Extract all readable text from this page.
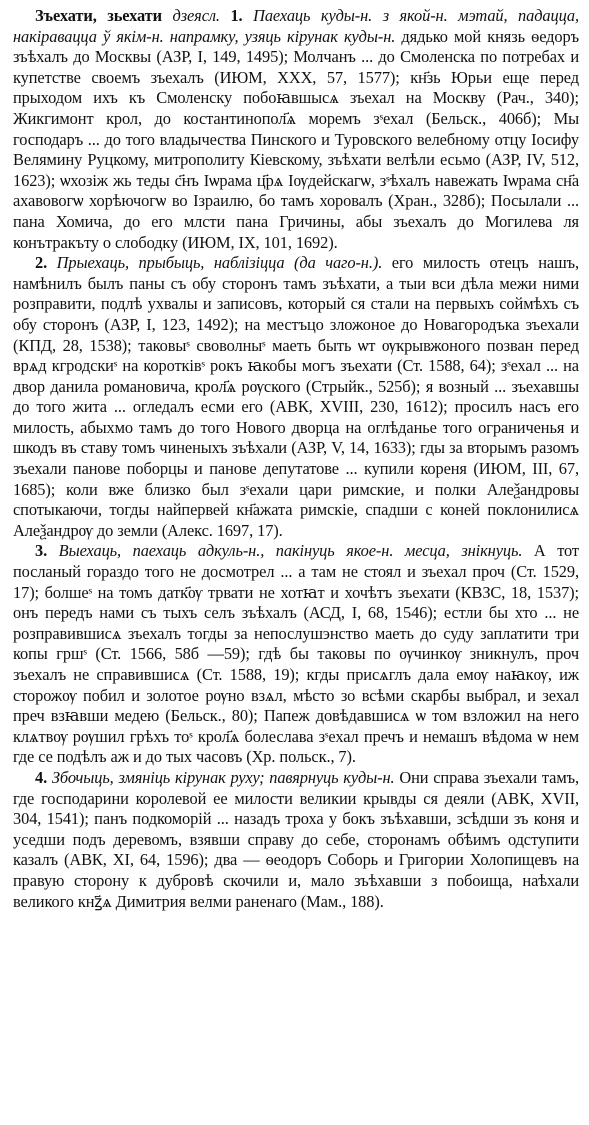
Зъехати, зьехати дзеясл. 1. Паехаць куды-н. з якой-н. мэтай, падацца, накіравацца ў якім-н. напрамку, узяць кірунак куды-н. дядько мой князь ѳедоръ зъѣхалъ до Москвы (АЗР, I, 149, 1495); Молчанъ ... до Смоленска по потребах и купетстве своемъ зъехалъ (ИЮМ, XXX, 57, 1577); кн҃зь Юрьи еще перед прыходом ихъ къ Смоленску побоꙗвшысѧ зъехал на Москву (Рач., 340); Жикгимонт крол, до костантинопол҃ѧ моремъ зˢехал (Бельск., 406б); Мы господаръ ... до того владычества Пинского и Туровского велебному отцу Іосифу Велямину Руцкому, митрополиту Кіевскому, зъѣхати велѣли есьмо (АЗР, IV, 512, 1623); ѡхозіж жь теды с҃нъ Іѡрама ц҃рѧ Іѹдейскагѡ, зˢѣхалъ навежать Іѡрама сн҃а ахавовогѡ хорѣючогѡ во Ізраилю, бо тамъ хоровалъ (Хран., 328б); Посылали ... пана Хомича, до его млсти пана Гричины, абы зъехалъ до Могилева ля конътракъту о слободку (ИЮМ, IX, 101, 1692).

2. Прыехаць, прыбыць, наблізіцца (да чаго-н.). его милость отецъ нашъ, намѣнилъ былъ паны съ обу сторонъ тамъ зъѣхати, а тыи вси дѣла межи ними розправити, подлѣ ухвалы и записовъ, который ся стали на первыхъ соймѣхъ съ обу сторонъ (АЗР, I, 123, 1492); на местъцо зложоное до Новагородъка зъехали (КПД, 28, 1538); таковыˢ своволныˢ маеть быть ѡт ѹкрывжоного позван перед врѧд кгродскиˢ на коротківˢ рокъ ꙗкобы могъ зъехати (Ст. 1588, 64); зˢехал ... на двор данила романовича, крол҃ѧ рѹского (Стрыйк., 525б); я возный ... зъехавшы до того жита ... огледалъ есми его (АВК, XVIII, 230, 1612); просилъ насъ его милость, абыхмо тамъ до того Нового дворца на оглѣданье того ограниченья и шкодъ въ ставу томъ чиненыхъ зъѣхали (АЗР, V, 14, 1633); гды за вторымъ разомъ зъехали панове поборцы и панове депутатове ... купили кореня (ИЮМ, III, 67, 1685); коли вже близко был зˢехали цари римские, и полки Алеѯандровы спотыкаючи, тогды найпервей кн҃ажата римскіе, спадши с коней поклонилисѧ Алеѯандрѹ до земли (Алекс. 1697, 17).

3. Выехаць, паехаць адкуль-н., пакінуць якое-н. месца, знікнуць. А тот посланый гораздо того не досмотрел ... а там не стоял и зъехал проч (Ст. 1529, 17); болшеˢ на томъ датк҃ѹ трвати не хотꙗт и хочѣтъ зъехати (КВЗС, 18, 1537); онъ передъ нами съ тыхъ селъ зъѣхалъ (АСД, I, 68, 1546); естли бы хто ... не розправившисѧ зъехалъ тогды за непослушэнство маеть до суду заплатити три копы гршˢ (Ст. 1566, 58б —59); гдѣ бы таковы по ѹчинкѹ зникнулъ, проч зъехалъ не справившисѧ (Ст. 1588, 19); кгды присѧглъ дала емѹ наꙗкѹ, иж сторожѹ побил и золотое рѹно взѧл, мѣсто зо всѣми скарбы выбрал, и зехал преч взꙗвши медею (Бельск., 80); Папеж довѣдавшисѧ ѡ том взложил на него клѧтвѹ рѹшил грѣхъ тоˢ крол҃ѧ болеслава зˢехал пречъ и немашъ вѣдома ѡ нем где се подѣлъ аж и до тых часовъ (Хр. польск., 7).

4. Збочыць, змяніць кірунак руху; павярнуць куды-н. Они справа зъехали тамъ, где господарини королевой ее милости великии крывды ся деяли (АВК, XVII, 304, 1541); панъ подкоморій ... назадъ троха у бокъ зъѣхавши, зсѣдши зъ коня и уседши подъ деревомъ, взявши справу до себе, сторонамъ обѣимъ одступити казалъ (АВК, XI, 64, 1596); два — ѳеодоръ Соборь и Григории Холопищевъ на правую сторону к дубровѣ скочили и, мало зъѣхавши з побоища, наѣхали великого кнꙁ҃ѧ Димитрия велми раненаго (Мам., 188).
